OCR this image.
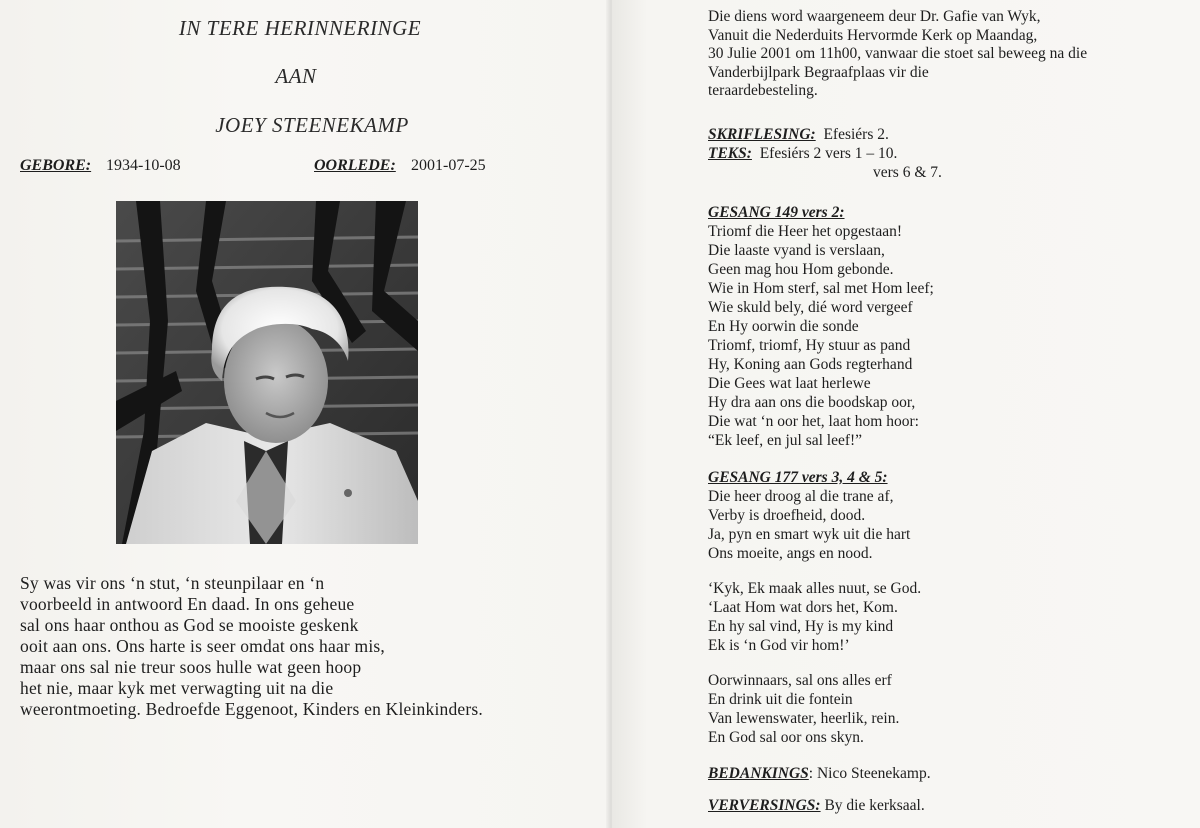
IN TERE HERINNERINGE
AAN
JOEY STEENEKAMP
GEBORE: 1934-10-08	OORLEDE: 2001-07-25
Sy was vir ons ‘n stut, ‘n steunpilaar en ‘n
voorbeeld in antwoord En daad. In ons geheue
sal ons haar onthou as God se mooiste geskenk
ooit aan ons. Ons harte is seer omdat ons haar mis,
maar ons sal nie treur soos hulle wat geen hoop
het nie, maar kyk met verwagting uit na die
weerontmoeting. Bedroefde Eggenoot, Kinders en Kleinkinders.
Die diens word waargeneem deur Dr. Gafie van Wyk,
Vanuit die Nederduits Hervormde Kerk op Maandag,
30 Julie 2001 om 11h00, vanwaar die stoet sal beweeg na die
Vanderbijlpark Begraafplaas vir die
teraardebesteling.
SKRIFLESING: Efesiérs 2.
TEKS: Efesiérs 2 vers 1 – 10.
vers 6 & 7.
GESANG 149 vers 2:
Triomf die Heer het opgestaan!
Die laaste vyand is verslaan,
Geen mag hou Hom gebonde.
Wie in Hom sterf, sal met Hom leef;
Wie skuld bely, dié word vergeef
En Hy oorwin die sonde
Triomf, triomf, Hy stuur as pand
Hy, Koning aan Gods regterhand
Die Gees wat laat herlewe
Hy dra aan ons die boodskap oor,
Die wat ‘n oor het, laat hom hoor:
“Ek leef, en jul sal leef!”
GESANG 177 vers 3, 4 & 5:
Die heer droog al die trane af,
Verby is droefheid, dood.
Ja, pyn en smart wyk uit die hart
Ons moeite, angs en nood.
‘Kyk, Ek maak alles nuut, se God.
‘Laat Hom wat dors het, Kom.
En hy sal vind, Hy is my kind
Ek is ‘n God vir hom!’
Oorwinnaars, sal ons alles erf
En drink uit die fontein
Van lewenswater, heerlik, rein.
En God sal oor ons skyn.
BEDANKINGS: Nico Steenekamp.
VERVERSINGS: By die kerksaal.
